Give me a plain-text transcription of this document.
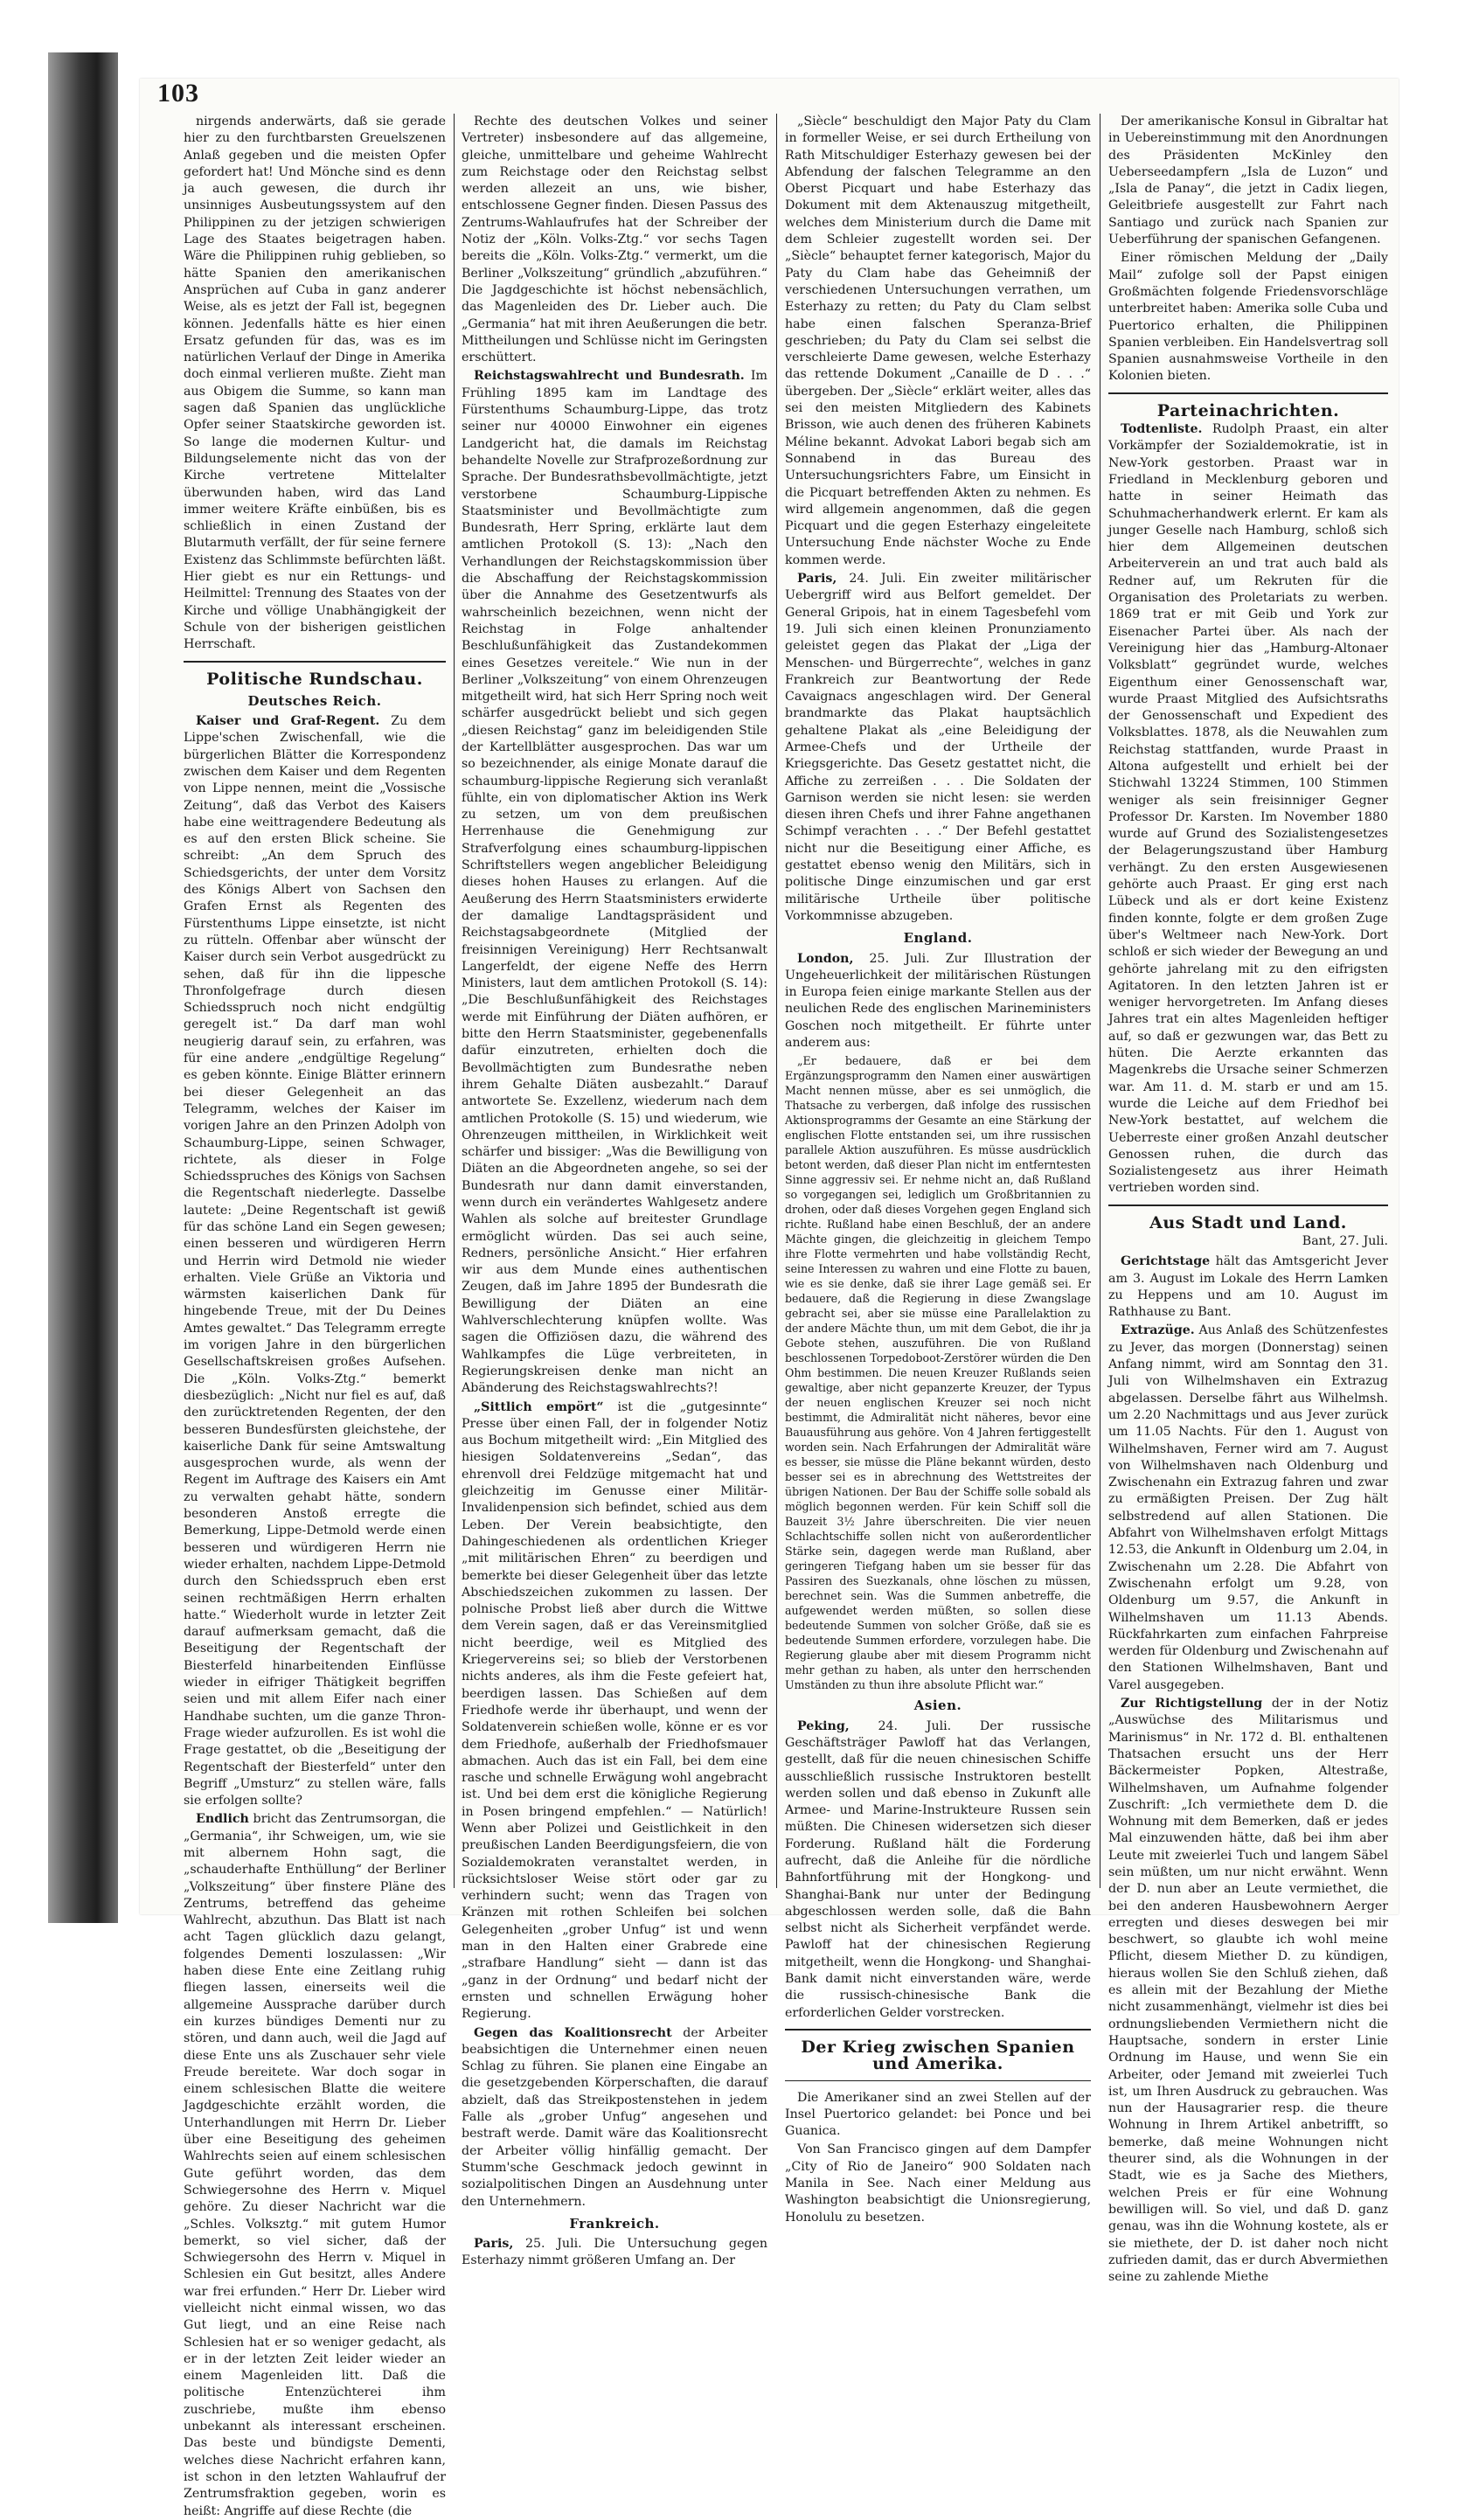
103

nirgends anderwärts, daß sie gerade hier zu den furchtbarsten Greuelszenen Anlaß gegeben und die meisten Opfer gefordert hat! Und Mönche sind es denn ja auch gewesen, die durch ihr unsinniges Ausbeutungssystem auf den Philippinen zu der jetzigen schwierigen Lage des Staates beigetragen haben. Wäre die Philippinen ruhig geblieben, so hätte Spanien den amerikanischen Ansprüchen auf Cuba in ganz anderer Weise, als es jetzt der Fall ist, begegnen können. Jedenfalls hätte es hier einen Ersatz gefunden für das, was es im natürlichen Verlauf der Dinge in Amerika doch einmal verlieren mußte. Zieht man aus Obigem die Summe, so kann man sagen daß Spanien das unglückliche Opfer seiner Staatskirche geworden ist. So lange die modernen Kultur- und Bildungselemente nicht das von der Kirche vertretene Mittelalter überwunden haben, wird das Land immer weitere Kräfte einbüßen, bis es schließlich in einen Zustand der Blutarmuth verfällt, der für seine fernere Existenz das Schlimmste befürchten läßt. Hier giebt es nur ein Rettungs- und Heilmittel: Trennung des Staates von der Kirche und völlige Unabhängigkeit der Schule von der bisherigen geistlichen Herrschaft.

Politische Rundschau.
Deutsches Reich.

Kaiser und Graf-Regent. Zu dem Lippe'schen Zwischenfall, wie die bürgerlichen Blätter die Korrespondenz zwischen dem Kaiser und dem Regenten von Lippe nennen, meint die „Vossische Zeitung“, daß das Verbot des Kaisers habe eine weittragendere Bedeutung als es auf den ersten Blick scheine. Sie schreibt: „An dem Spruch des Schiedsgerichts, der unter dem Vorsitz des Königs Albert von Sachsen den Grafen Ernst als Regenten des Fürstenthums Lippe einsetzte, ist nicht zu rütteln. Offenbar aber wünscht der Kaiser durch sein Verbot ausgedrückt zu sehen, daß für ihn die lippesche Thronfolgefrage durch diesen Schiedsspruch noch nicht endgültig geregelt ist.“ Da darf man wohl neugierig darauf sein, zu erfahren, was für eine andere „endgültige Regelung“ es geben könnte. Einige Blätter erinnern bei dieser Gelegenheit an das Telegramm, welches der Kaiser im vorigen Jahre an den Prinzen Adolph von Schaumburg-Lippe, seinen Schwager, richtete, als dieser in Folge Schiedsspruches des Königs von Sachsen die Regentschaft niederlegte. Dasselbe lautete: „Deine Regentschaft ist gewiß für das schöne Land ein Segen gewesen; einen besseren und würdigeren Herrn und Herrin wird Detmold nie wieder erhalten. Viele Grüße an Viktoria und wärmsten kaiserlichen Dank für hingebende Treue, mit der Du Deines Amtes gewaltet.“ Das Telegramm erregte im vorigen Jahre in den bürgerlichen Gesellschaftskreisen großes Aufsehen. Die „Köln. Volks-Ztg.“ bemerkt diesbezüglich: „Nicht nur fiel es auf, daß den zurücktretenden Regenten, der den besseren Bundesfürsten gleichstehe, der kaiserliche Dank für seine Amtswaltung ausgesprochen wurde, als wenn der Regent im Auftrage des Kaisers ein Amt zu verwalten gehabt hätte, sondern besonderen Anstoß erregte die Bemerkung, Lippe-Detmold werde einen besseren und würdigeren Herrn nie wieder erhalten, nachdem Lippe-Detmold durch den Schiedsspruch eben erst seinen rechtmäßigen Herrn erhalten hatte.“ Wiederholt wurde in letzter Zeit darauf aufmerksam gemacht, daß die Beseitigung der Regentschaft der Biesterfeld hinarbeitenden Einflüsse wieder in eifriger Thätigkeit begriffen seien und mit allem Eifer nach einer Handhabe suchten, um die ganze Thron-Frage wieder aufzurollen. Es ist wohl die Frage gestattet, ob die „Beseitigung der Regentschaft der Biesterfeld“ unter den Begriff „Umsturz“ zu stellen wäre, falls sie erfolgen sollte?

Endlich bricht das Zentrumsorgan, die „Germania“, ihr Schweigen, um, wie sie mit albernem Hohn sagt, die „schauderhafte Enthüllung“ der Berliner „Volkszeitung“ über finstere Pläne des Zentrums, betreffend das geheime Wahlrecht, abzuthun. Das Blatt ist nach acht Tagen glücklich dazu gelangt, folgendes Dementi loszulassen: „Wir haben diese Ente eine Zeitlang ruhig fliegen lassen, einerseits weil die allgemeine Aussprache darüber durch ein kurzes bündiges Dementi nur zu stören, und dann auch, weil die Jagd auf diese Ente uns als Zuschauer sehr viele Freude bereitete. War doch sogar in einem schlesischen Blatte die weitere Jagdgeschichte erzählt worden, die Unterhandlungen mit Herrn Dr. Lieber über eine Beseitigung des geheimen Wahlrechts seien auf einem schlesischen Gute geführt worden, das dem Schwiegersohne des Herrn v. Miquel gehöre. Zu dieser Nachricht war die „Schles. Volksztg.“ mit gutem Humor bemerkt, so viel sicher, daß der Schwiegersohn des Herrn v. Miquel in Schlesien ein Gut besitzt, alles Andere war frei erfunden.“ Herr Dr. Lieber wird vielleicht nicht einmal wissen, wo das Gut liegt, und an eine Reise nach Schlesien hat er so weniger gedacht, als er in der letzten Zeit leider wieder an einem Magenleiden litt. Daß die politische Entenzüchterei ihm zuschriebe, mußte ihm ebenso unbekannt als interessant erscheinen. Das beste und bündigste Dementi, welches diese Nachricht erfahren kann, ist schon in den letzten Wahlaufruf der Zentrumsfraktion gegeben, worin es heißt: Angriffe auf diese Rechte (die

Rechte des deutschen Volkes und seiner Vertreter) insbesondere auf das allgemeine, gleiche, unmittelbare und geheime Wahlrecht zum Reichstage oder den Reichstag selbst werden allezeit an uns, wie bisher, entschlossene Gegner finden. Diesen Passus des Zentrums-Wahlaufrufes hat der Schreiber der Notiz der „Köln. Volks-Ztg.“ vor sechs Tagen bereits die „Köln. Volks-Ztg.“ vermerkt, um die Berliner „Volkszeitung“ gründlich „abzuführen.“ Die Jagdgeschichte ist höchst nebensächlich, das Magenleiden des Dr. Lieber auch. Die „Germania“ hat mit ihren Aeußerungen die betr. Mittheilungen und Schlüsse nicht im Geringsten erschüttert.

Reichstagswahlrecht und Bundesrath. Im Frühling 1895 kam im Landtage des Fürstenthums Schaumburg-Lippe, das trotz seiner nur 40000 Einwohner ein eigenes Landgericht hat, die damals im Reichstag behandelte Novelle zur Strafprozeßordnung zur Sprache. Der Bundesrathsbevollmächtigte, jetzt verstorbene Schaumburg-Lippische Staatsminister und Bevollmächtigte zum Bundesrath, Herr Spring, erklärte laut dem amtlichen Protokoll (S. 13): „Nach den Verhandlungen der Reichstagskommission über die Abschaffung der Reichstagskommission über die Annahme des Gesetzentwurfs als wahrscheinlich bezeichnen, wenn nicht der Reichstag in Folge anhaltender Beschlußunfähigkeit das Zustandekommen eines Gesetzes vereitele.“ Wie nun in der Berliner „Volkszeitung“ von einem Ohrenzeugen mitgetheilt wird, hat sich Herr Spring noch weit schärfer ausgedrückt beliebt und sich gegen „diesen Reichstag“ ganz im beleidigenden Stile der Kartellblätter ausgesprochen. Das war um so bezeichnender, als einige Monate darauf die schaumburg-lippische Regierung sich veranlaßt fühlte, ein von diplomatischer Aktion ins Werk zu setzen, um von dem preußischen Herrenhause die Genehmigung zur Strafverfolgung eines schaumburg-lippischen Schriftstellers wegen angeblicher Beleidigung dieses hohen Hauses zu erlangen. Auf die Aeußerung des Herrn Staatsministers erwiderte der damalige Landtagspräsident und Reichstagsabgeordnete (Mitglied der freisinnigen Vereinigung) Herr Rechtsanwalt Langerfeldt, der eigene Neffe des Herrn Ministers, laut dem amtlichen Protokoll (S. 14): „Die Beschlußunfähigkeit des Reichstages werde mit Einführung der Diäten aufhören, er bitte den Herrn Staatsminister, gegebenenfalls dafür einzutreten, erhielten doch die Bevollmächtigten zum Bundesrathe neben ihrem Gehalte Diäten ausbezahlt.“ Darauf antwortete Se. Exzellenz, wiederum nach dem amtlichen Protokolle (S. 15) und wiederum, wie Ohrenzeugen mittheilen, in Wirklichkeit weit schärfer und bissiger: „Was die Bewilligung von Diäten an die Abgeordneten angehe, so sei der Bundesrath nur dann damit einverstanden, wenn durch ein verändertes Wahlgesetz andere Wahlen als solche auf breitester Grundlage ermöglicht würden. Das sei auch seine, Redners, persönliche Ansicht.“ Hier erfahren wir aus dem Munde eines authentischen Zeugen, daß im Jahre 1895 der Bundesrath die Bewilligung der Diäten an eine Wahlverschlechterung knüpfen wollte. Was sagen die Offiziösen dazu, die während des Wahlkampfes die Lüge verbreiteten, in Regierungskreisen denke man nicht an Abänderung des Reichstagswahlrechts?!

„Sittlich empört“ ist die „gutgesinnte“ Presse über einen Fall, der in folgender Notiz aus Bochum mitgetheilt wird: „Ein Mitglied des hiesigen Soldatenvereins „Sedan“, das ehrenvoll drei Feldzüge mitgemacht hat und gleichzeitig im Genusse einer Militär-Invalidenpension sich befindet, schied aus dem Leben. Der Verein beabsichtigte, den Dahingeschiedenen als ordentlichen Krieger „mit militärischen Ehren“ zu beerdigen und bemerkte bei dieser Gelegenheit über das letzte Abschiedszeichen zukommen zu lassen. Der polnische Probst ließ aber durch die Wittwe dem Verein sagen, daß er das Vereinsmitglied nicht beerdige, weil es Mitglied des Kriegervereins sei; so blieb der Verstorbenen nichts anderes, als ihm die Feste gefeiert hat, beerdigen lassen. Das Schießen auf dem Friedhofe werde ihr überhaupt, und wenn der Soldatenverein schießen wolle, könne er es vor dem Friedhofe, außerhalb der Friedhofsmauer abmachen. Auch das ist ein Fall, bei dem eine rasche und schnelle Erwägung wohl angebracht ist. Und bei dem erst die königliche Regierung in Posen bringend empfehlen.“ — Natürlich! Wenn aber Polizei und Geistlichkeit in den preußischen Landen Beerdigungsfeiern, die von Sozialdemokraten veranstaltet werden, in rücksichtsloser Weise stört oder gar zu verhindern sucht; wenn das Tragen von Kränzen mit rothen Schleifen bei solchen Gelegenheiten „grober Unfug“ ist und wenn man in den Halten einer Grabrede eine „strafbare Handlung“ sieht — dann ist das „ganz in der Ordnung“ und bedarf nicht der ernsten und schnellen Erwägung hoher Regierung.

Gegen das Koalitionsrecht der Arbeiter beabsichtigen die Unternehmer einen neuen Schlag zu führen. Sie planen eine Eingabe an die gesetzgebenden Körperschaften, die darauf abzielt, daß das Streikpostenstehen in jedem Falle als „grober Unfug“ angesehen und bestraft werde. Damit wäre das Koalitionsrecht der Arbeiter völlig hinfällig gemacht. Der Stumm'sche Geschmack jedoch gewinnt in sozialpolitischen Dingen an Ausdehnung unter den Unternehmern.

Frankreich.

Paris, 25. Juli. Die Untersuchung gegen Esterhazy nimmt größeren Umfang an. Der

„Siècle“ beschuldigt den Major Paty du Clam in formeller Weise, er sei durch Ertheilung von Rath Mitschuldiger Esterhazy gewesen bei der Abfendung der falschen Telegramme an den Oberst Picquart und habe Esterhazy das Dokument mit dem Aktenauszug mitgetheilt, welches dem Ministerium durch die Dame mit dem Schleier zugestellt worden sei. Der „Siècle“ behauptet ferner kategorisch, Major du Paty du Clam habe das Geheimniß der verschiedenen Untersuchungen verrathen, um Esterhazy zu retten; du Paty du Clam selbst habe einen falschen Speranza-Brief geschrieben; du Paty du Clam sei selbst die verschleierte Dame gewesen, welche Esterhazy das rettende Dokument „Canaille de D . . .“ übergeben. Der „Siècle“ erklärt weiter, alles das sei den meisten Mitgliedern des Kabinets Brisson, wie auch denen des früheren Kabinets Méline bekannt. Advokat Labori begab sich am Sonnabend in das Bureau des Untersuchungsrichters Fabre, um Einsicht in die Picquart betreffenden Akten zu nehmen. Es wird allgemein angenommen, daß die gegen Picquart und die gegen Esterhazy eingeleitete Untersuchung Ende nächster Woche zu Ende kommen werde.

Paris, 24. Juli. Ein zweiter militärischer Uebergriff wird aus Belfort gemeldet. Der General Gripois, hat in einem Tagesbefehl vom 19. Juli sich einen kleinen Pronunziamento geleistet gegen das Plakat der „Liga der Menschen- und Bürgerrechte“, welches in ganz Frankreich zur Beantwortung der Rede Cavaignacs angeschlagen wird. Der General brandmarkte das Plakat hauptsächlich gehaltene Plakat als „eine Beleidigung der Armee-Chefs und der Urtheile der Kriegsgerichte. Das Gesetz gestattet nicht, die Affiche zu zerreißen . . . Die Soldaten der Garnison werden sie nicht lesen: sie werden diesen ihren Chefs und ihrer Fahne angethanen Schimpf verachten . . .“ Der Befehl gestattet nicht nur die Beseitigung einer Affiche, es gestattet ebenso wenig den Militärs, sich in politische Dinge einzumischen und gar erst militärische Urtheile über politische Vorkommnisse abzugeben.

England.

London, 25. Juli. Zur Illustration der Ungeheuerlichkeit der militärischen Rüstungen in Europa feien einige markante Stellen aus der neulichen Rede des englischen Marineministers Goschen noch mitgetheilt. Er führte unter anderem aus:

„Er bedauere, daß er bei dem Ergänzungsprogramm den Namen einer auswärtigen Macht nennen müsse, aber es sei unmöglich, die Thatsache zu verbergen, daß infolge des russischen Aktionsprogramms der Gesamte an eine Stärkung der englischen Flotte entstanden sei, um ihre russischen parallele Aktion auszuführen. Es müsse ausdrücklich betont werden, daß dieser Plan nicht im entferntesten Sinne aggressiv sei. Er nehme nicht an, daß Rußland so vorgegangen sei, lediglich um Großbritannien zu drohen, oder daß dieses Vorgehen gegen England sich richte. Rußland habe einen Beschluß, der an andere Mächte gingen, die gleichzeitig in gleichem Tempo ihre Flotte vermehrten und habe vollständig Recht, seine Interessen zu wahren und eine Flotte zu bauen, wie es sie denke, daß sie ihrer Lage gemäß sei. Er bedauere, daß die Regierung in diese Zwangslage gebracht sei, aber sie müsse eine Parallelaktion zu der andere Mächte thun, um mit dem Gebot, die ihr ja Gebote stehen, auszuführen. Die von Rußland beschlossenen Torpedoboot-Zerstörer würden die Den Ohm bestimmen. Die neuen Kreuzer Rußlands seien gewaltige, aber nicht gepanzerte Kreuzer, der Typus der neuen englischen Kreuzer sei noch nicht bestimmt, die Admiralität nicht näheres, bevor eine Bauausführung aus gehöre. Von 4 Jahren fertiggestellt worden sein. Nach Erfahrungen der Admiralität wäre es besser, sie müsse die Pläne bekannt würden, desto besser sei es in abrechnung des Wettstreites der übrigen Nationen. Der Bau der Schiffe solle sobald als möglich begonnen werden. Für kein Schiff soll die Bauzeit 3½ Jahre überschreiten. Die vier neuen Schlachtschiffe sollen nicht von außerordentlicher Stärke sein, dagegen werde man Rußland, aber geringeren Tiefgang haben um sie besser für das Passiren des Suezkanals, ohne löschen zu müssen, berechnet sein. Was die Summen anbetreffe, die aufgewendet werden müßten, so sollen diese bedeutende Summen von solcher Größe, daß sie es bedeutende Summen erfordere, vorzulegen habe. Die Regierung glaube aber mit diesem Programm nicht mehr gethan zu haben, als unter den herrschenden Umständen zu thun ihre absolute Pflicht war.“

Asien.

Peking, 24. Juli. Der russische Geschäftsträger Pawloff hat das Verlangen, gestellt, daß für die neuen chinesischen Schiffe ausschließlich russische Instruktoren bestellt werden sollen und daß ebenso in Zukunft alle Armee- und Marine-Instrukteure Russen sein müßten. Die Chinesen widersetzen sich dieser Forderung. Rußland hält die Forderung aufrecht, daß die Anleihe für die nördliche Bahnfortführung mit der Hongkong- und Shanghai-Bank nur unter der Bedingung abgeschlossen werden solle, daß die Bahn selbst nicht als Sicherheit verpfändet werde. Pawloff hat der chinesischen Regierung mitgetheilt, wenn die Hongkong- und Shanghai-Bank damit nicht einverstanden wäre, werde die russisch-chinesische Bank die erforderlichen Gelder vorstrecken.

Der Krieg zwischen Spanien und Amerika.

Die Amerikaner sind an zwei Stellen auf der Insel Puertorico gelandet: bei Ponce und bei Guanica.

Von San Francisco gingen auf dem Dampfer „City of Rio de Janeiro“ 900 Soldaten nach Manila in See. Nach einer Meldung aus Washington beabsichtigt die Unionsregierung, Honolulu zu besetzen.

Der amerikanische Konsul in Gibraltar hat in Uebereinstimmung mit den Anordnungen des Präsidenten McKinley den Ueberseedampfern „Isla de Luzon“ und „Isla de Panay“, die jetzt in Cadix liegen, Geleitbriefe ausgestellt zur Fahrt nach Santiago und zurück nach Spanien zur Ueberführung der spanischen Gefangenen.

Einer römischen Meldung der „Daily Mail“ zufolge soll der Papst einigen Großmächten folgende Friedensvorschläge unterbreitet haben: Amerika solle Cuba und Puertorico erhalten, die Philippinen Spanien verbleiben. Ein Handelsvertrag soll Spanien ausnahmsweise Vortheile in den Kolonien bieten.

Parteinachrichten.

Todtenliste. Rudolph Praast, ein alter Vorkämpfer der Sozialdemokratie, ist in New-York gestorben. Praast war in Friedland in Mecklenburg geboren und hatte in seiner Heimath das Schuhmacherhandwerk erlernt. Er kam als junger Geselle nach Hamburg, schloß sich hier dem Allgemeinen deutschen Arbeiterverein an und trat auch bald als Redner auf, um Rekruten für die Organisation des Proletariats zu werben. 1869 trat er mit Geib und York zur Eisenacher Partei über. Als nach der Vereinigung hier das „Hamburg-Altonaer Volksblatt“ gegründet wurde, welches Eigenthum einer Genossenschaft war, wurde Praast Mitglied des Aufsichtsraths der Genossenschaft und Expedient des Volksblattes. 1878, als die Neuwahlen zum Reichstag stattfanden, wurde Praast in Altona aufgestellt und erhielt bei der Stichwahl 13224 Stimmen, 100 Stimmen weniger als sein freisinniger Gegner Professor Dr. Karsten. Im November 1880 wurde auf Grund des Sozialistengesetzes der Belagerungszustand über Hamburg verhängt. Zu den ersten Ausgewiesenen gehörte auch Praast. Er ging erst nach Lübeck und als er dort keine Existenz finden konnte, folgte er dem großen Zuge über's Weltmeer nach New-York. Dort schloß er sich wieder der Bewegung an und gehörte jahrelang mit zu den eifrigsten Agitatoren. In den letzten Jahren ist er weniger hervorgetreten. Im Anfang dieses Jahres trat ein altes Magenleiden heftiger auf, so daß er gezwungen war, das Bett zu hüten. Die Aerzte erkannten das Magenkrebs die Ursache seiner Schmerzen war. Am 11. d. M. starb er und am 15. wurde die Leiche auf dem Friedhof bei New-York bestattet, auf welchem die Ueberreste einer großen Anzahl deutscher Genossen ruhen, die durch das Sozialistengesetz aus ihrer Heimath vertrieben worden sind.

Aus Stadt und Land.
Bant, 27. Juli.

Gerichtstage hält das Amtsgericht Jever am 3. August im Lokale des Herrn Lamken zu Heppens und am 10. August im Rathhause zu Bant.

Extrazüge. Aus Anlaß des Schützenfestes zu Jever, das morgen (Donnerstag) seinen Anfang nimmt, wird am Sonntag den 31. Juli von Wilhelmshaven ein Extrazug abgelassen. Derselbe fährt aus Wilhelmsh. um 2.20 Nachmittags und aus Jever zurück um 11.05 Nachts. Für den 1. August von Wilhelmshaven, Ferner wird am 7. August von Wilhelmshaven nach Oldenburg und Zwischenahn ein Extrazug fahren und zwar zu ermäßigten Preisen. Der Zug hält selbstredend auf allen Stationen. Die Abfahrt von Wilhelmshaven erfolgt Mittags 12.53, die Ankunft in Oldenburg um 2.04, in Zwischenahn um 2.28. Die Abfahrt von Zwischenahn erfolgt um 9.28, von Oldenburg um 9.57, die Ankunft in Wilhelmshaven um 11.13 Abends. Rückfahrkarten zum einfachen Fahrpreise werden für Oldenburg und Zwischenahn auf den Stationen Wilhelmshaven, Bant und Varel ausgegeben.

Zur Richtigstellung der in der Notiz „Auswüchse des Militarismus und Marinismus“ in Nr. 172 d. Bl. enthaltenen Thatsachen ersucht uns der Herr Bäckermeister Popken, Altestraße, Wilhelmshaven, um Aufnahme folgender Zuschrift: „Ich vermiethete dem D. die Wohnung mit dem Bemerken, daß er jedes Mal einzuwenden hätte, daß bei ihm aber Leute mit zweierlei Tuch und langem Säbel sein müßten, um nur nicht erwähnt. Wenn der D. nun aber an Leute vermiethet, die bei den anderen Hausbewohnern Aerger erregten und dieses deswegen bei mir beschwert, so glaubte ich wohl meine Pflicht, diesem Miether D. zu kündigen, hieraus wollen Sie den Schluß ziehen, daß es allein mit der Bezahlung der Miethe nicht zusammenhängt, vielmehr ist dies bei ordnungsliebenden Vermiethern nicht die Hauptsache, sondern in erster Linie Ordnung im Hause, und wenn Sie ein Arbeiter, oder Jemand mit zweierlei Tuch ist, um Ihren Ausdruck zu gebrauchen. Was nun der Hausagrarier resp. die theure Wohnung in Ihrem Artikel anbetrifft, so bemerke, daß meine Wohnungen nicht theurer sind, als die Wohnungen in der Stadt, wie es ja Sache des Miethers, welchen Preis er für eine Wohnung bewilligen will. So viel, und daß D. ganz genau, was ihn die Wohnung kostete, als er sie miethete, der D. ist daher noch nicht zufrieden damit, das er durch Abvermiethen seine zu zahlende Miethe
